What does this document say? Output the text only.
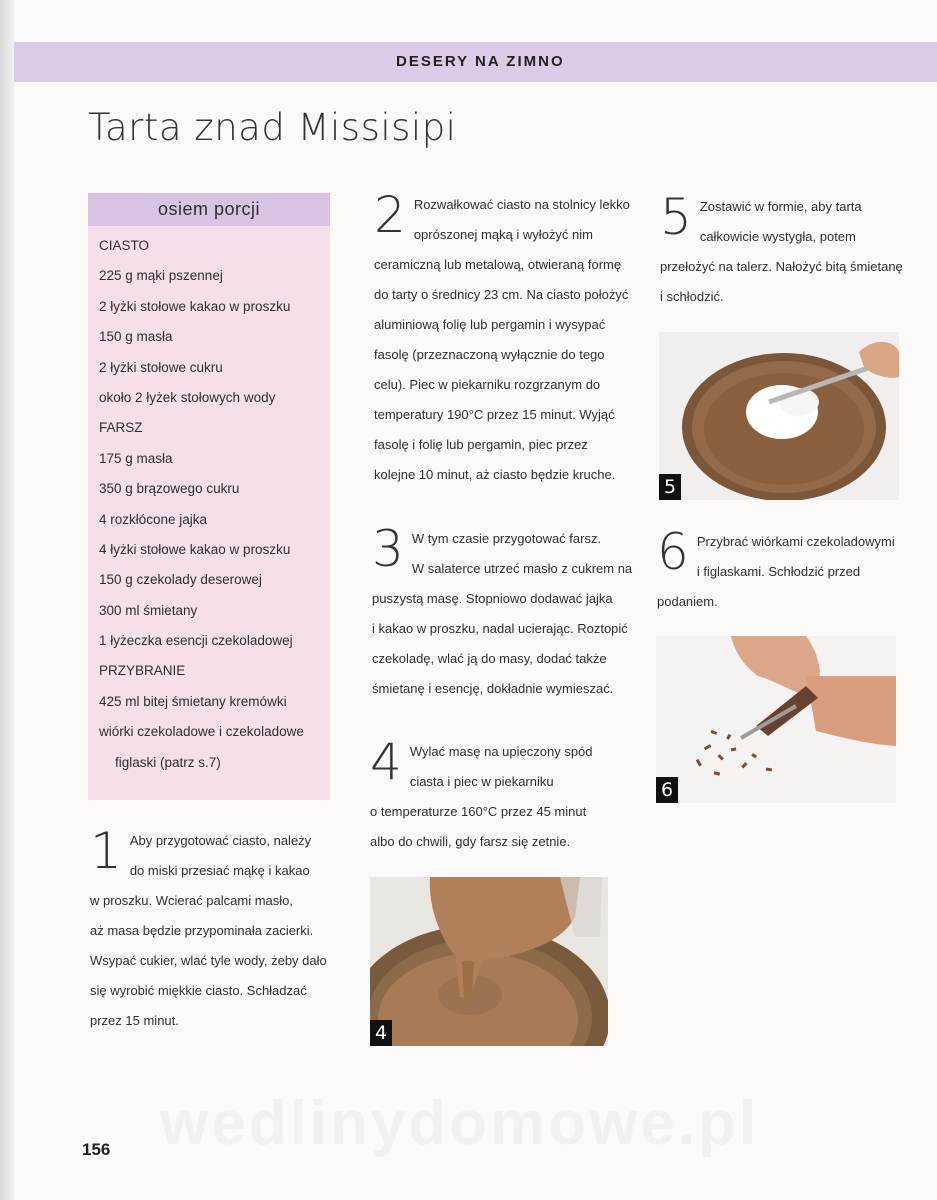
DESERY NA ZIMNO
Tarta znad Missisipi
osiem porcji
CIASTO
225 g mąki pszennej
2 łyżki stołowe kakao w proszku
150 g masła
2 łyżki stołowe cukru
około 2 łyżek stołowych wody
FARSZ
175 g masła
350 g brązowego cukru
4 rozkłócone jajka
4 łyżki stołowe kakao w proszku
150 g czekolady deserowej
300 ml śmietany
1 łyżeczka esencji czekoladowej
PRZYBRANIE
425 ml bitej śmietany kremówki
wiórki czekoladowe i czekoladowe
figlaski (patrz s.7)
1 Aby przygotować ciasto, należy
do miski przesiać mąkę i kakao
w proszku. Wcierać palcami masło,
aż masa będzie przypominała zacierki.
Wsypać cukier, wlać tyle wody, żeby dało
się wyrobić miękkie ciasto. Schładzać
przez 15 minut.
2 Rozwałkować ciasto na stolnicy lekko
oprószonej mąką i wyłożyć nim
ceramiczną lub metalową, otwieraną formę
do tarty o średnicy 23 cm. Na ciasto położyć
aluminiową folię lub pergamin i wysypać
fasolę (przeznaczoną wyłącznie do tego
celu). Piec w piekarniku rozgrzanym do
temperatury 190°C przez 15 minut. Wyjąć
fasolę i folię lub pergamin, piec przez
kolejne 10 minut, aż ciasto będzie kruche.
3 W tym czasie przygotować farsz.
W salaterce utrzeć masło z cukrem na
puszystą masę. Stopniowo dodawać jajka
i kakao w proszku, nadal ucierając. Roztopić
czekoladę, wlać ją do masy, dodać także
śmietanę i esencję, dokładnie wymieszać.
4 Wylać masę na upieczony spód
ciasta i piec w piekarniku
o temperaturze 160°C przez 45 minut
albo do chwili, gdy farsz się zetnie.
5 Zostawić w formie, aby tarta
całkowicie wystygła, potem
przełożyć na talerz. Nałożyć bitą śmietanę
i schłodzić.
6 Przybrać wiórkami czekoladowymi
i figlaskami. Schłodzić przed
podaniem.
4
5
6
wedlinydomowe.pl
156
